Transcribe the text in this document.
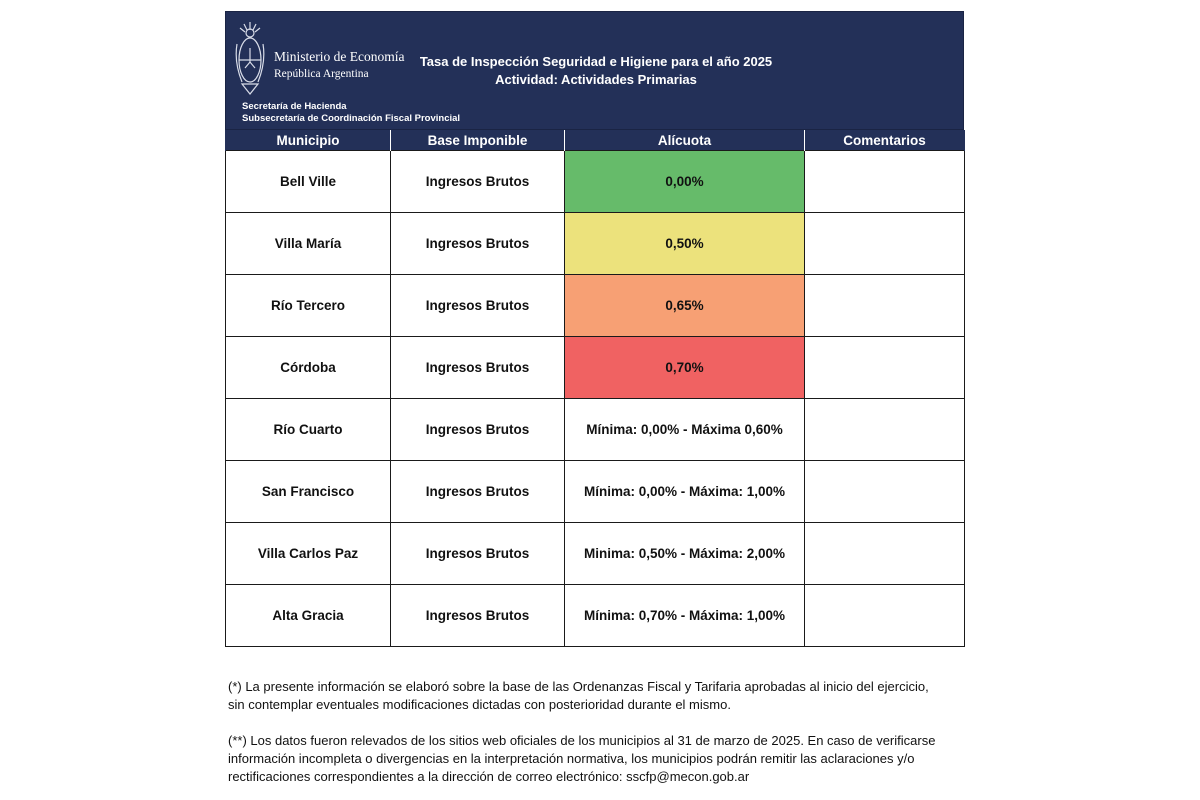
Ministerio de Economía
República Argentina
Secretaría de Hacienda
Subsecretaría de Coordinación Fiscal Provincial
Tasa de Inspección Seguridad e Higiene para el año 2025
Actividad: Actividades Primarias
Municipio	Base Imponible	Alícuota	Comentarios
Bell Ville	Ingresos Brutos	0,00%	
Villa María	Ingresos Brutos	0,50%	
Río Tercero	Ingresos Brutos	0,65%	
Córdoba	Ingresos Brutos	0,70%	
Río Cuarto	Ingresos Brutos	Mínima: 0,00% - Máxima 0,60%	
San Francisco	Ingresos Brutos	Mínima: 0,00% - Máxima: 1,00%	
Villa Carlos Paz	Ingresos Brutos	Minima: 0,50% - Máxima: 2,00%	
Alta Gracia	Ingresos Brutos	Mínima: 0,70% - Máxima: 1,00%	

(*) La presente información se elaboró sobre la base de las Ordenanzas Fiscal y Tarifaria aprobadas al inicio del ejercicio, sin contemplar eventuales modificaciones dictadas con posterioridad durante el mismo.

(**) Los datos fueron relevados de los sitios web oficiales de los municipios al 31 de marzo de 2025. En caso de verificarse información incompleta o divergencias en la interpretación normativa, los municipios podrán remitir las aclaraciones y/o rectificaciones correspondientes a la dirección de correo electrónico: sscfp@mecon.gob.ar
